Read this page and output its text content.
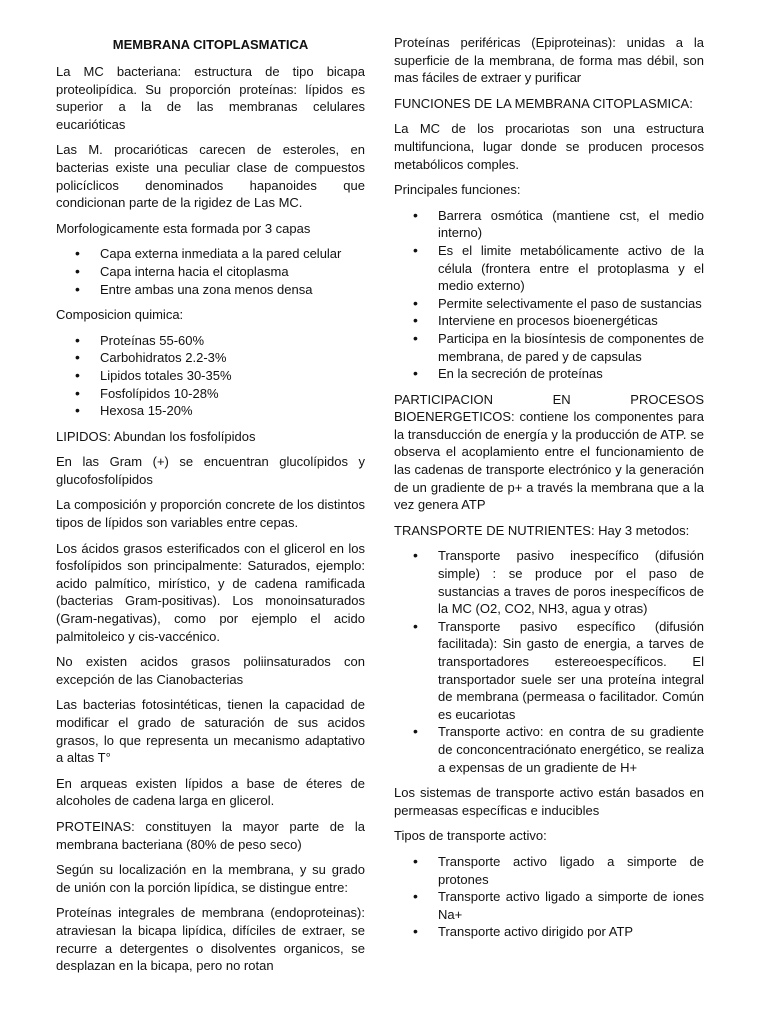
MEMBRANA CITOPLASMATICA

La MC bacteriana: estructura de tipo bicapa proteolipídica. Su proporción proteínas: lípidos es superior a la de las membranas celulares eucarióticas

Las M. procarióticas carecen de esteroles, en bacterias existe una peculiar clase de compuestos policíclicos denominados hapanoides que condicionan parte de la rigidez de Las MC.

Morfologicamente esta formada por 3 capas

• Capa externa inmediata a la pared celular
• Capa interna hacia el citoplasma
• Entre ambas una zona menos densa

Composicion quimica:

• Proteínas 55-60%
• Carbohidratos 2.2-3%
• Lipidos totales 30-35%
• Fosfolípidos 10-28%
• Hexosa 15-20%

LIPIDOS: Abundan los fosfolípidos

En las Gram (+) se encuentran glucolípidos y glucofosfolípidos

La composición y proporción concrete de los distintos tipos de lípidos son variables entre cepas.

Los ácidos grasos esterificados con el glicerol en los fosfolípidos son principalmente: Saturados, ejemplo: acido palmítico, mirístico, y de cadena ramificada (bacterias Gram-positivas). Los monoinsaturados (Gram-negativas), como por ejemplo el acido palmitoleico y cis-vaccénico.

No existen acidos grasos poliinsaturados con excepción de las Cianobacterias

Las bacterias fotosintéticas, tienen la capacidad de modificar el grado de saturación de sus acidos grasos, lo que representa un mecanismo adaptativo a altas T°

En arqueas existen lípidos a base de éteres de alcoholes de cadena larga en glicerol.

PROTEINAS: constituyen la mayor parte de la membrana bacteriana (80% de peso seco)

Según su localización en la membrana, y su grado de unión con la porción lipídica, se distingue entre:

Proteínas integrales de membrana (endoproteinas): atraviesan la bicapa lipídica, difíciles de extraer, se recurre a detergentes o disolventes organicos, se desplazan en la bicapa, pero no rotan

Proteínas periféricas (Epiproteinas): unidas a la superficie de la membrana, de forma mas débil, son mas fáciles de extraer y purificar

FUNCIONES DE LA MEMBRANA CITOPLASMICA:

La MC de los procariotas son una estructura multifunciona, lugar donde se producen procesos metabólicos comples.

Principales funciones:

• Barrera osmótica (mantiene cst, el medio interno)
• Es el limite metabólicamente activo de la célula (frontera entre el protoplasma y el medio externo)
• Permite selectivamente el paso de sustancias
• Interviene en procesos bioenergéticas
• Participa en la biosíntesis de componentes de membrana, de pared y de capsulas
• En la secreción de proteínas

PARTICIPACION EN PROCESOS BIOENERGETICOS: contiene los componentes para la transducción de energía y la producción de ATP. se observa el acoplamiento entre el funcionamiento de las cadenas de transporte electrónico y la generación de un gradiente de p+ a través la membrana que a la vez genera ATP

TRANSPORTE DE NUTRIENTES: Hay 3 metodos:

• Transporte pasivo inespecífico (difusión simple) : se produce por el paso de sustancias a traves de poros inespecíficos de la MC (O2, CO2, NH3, agua y otras)
• Transporte pasivo específico (difusión facilitada): Sin gasto de energia, a tarves de transportadores estereoespecíficos. El transportador suele ser una proteína integral de membrana (permeasa o facilitador. Común es eucariotas
• Transporte activo: en contra de su gradiente de conconcentraciónato energético, se realiza a expensas de un gradiente de H+

Los sistemas de transporte activo están basados en permeasas específicas e inducibles

Tipos de transporte activo:

• Transporte activo ligado a simporte de protones
• Transporte activo ligado a simporte de iones Na+
• Transporte activo dirigido por ATP
